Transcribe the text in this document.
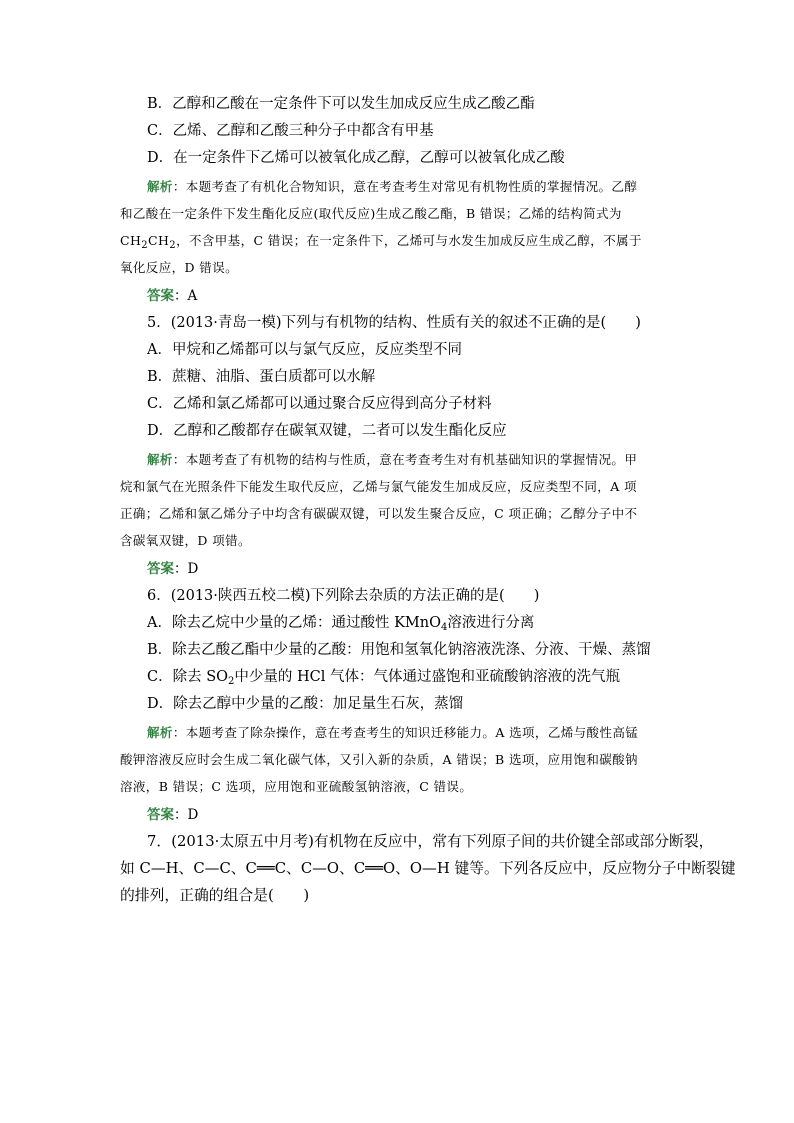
B．乙醇和乙酸在一定条件下可以发生加成反应生成乙酸乙酯
C．乙烯、乙醇和乙酸三种分子中都含有甲基
D．在一定条件下乙烯可以被氧化成乙醇，乙醇可以被氧化成乙酸
解析：本题考查了有机化合物知识，意在考查考生对常见有机物性质的掌握情况。乙醇
和乙酸在一定条件下发生酯化反应(取代反应)生成乙酸乙酯，B 错误；乙烯的结构简式为
$CH_2CH_2$，不含甲基，C 错误；在一定条件下，乙烯可与水发生加成反应生成乙醇，不属于
氧化反应，D 错误。
答案：A
5．(2013·青岛一模)下列与有机物的结构、性质有关的叙述不正确的是(　　)
A．甲烷和乙烯都可以与氯气反应，反应类型不同
B．蔗糖、油脂、蛋白质都可以水解
C．乙烯和氯乙烯都可以通过聚合反应得到高分子材料
D．乙醇和乙酸都存在碳氧双键，二者可以发生酯化反应
解析：本题考查了有机物的结构与性质，意在考查考生对有机基础知识的掌握情况。甲
烷和氯气在光照条件下能发生取代反应，乙烯与氯气能发生加成反应，反应类型不同，A 项
正确；乙烯和氯乙烯分子中均含有碳碳双键，可以发生聚合反应，C 项正确；乙醇分子中不
含碳氧双键，D 项错。
答案：D
6．(2013·陕西五校二模)下列除去杂质的方法正确的是(　　)
A．除去乙烷中少量的乙烯：通过酸性 KMnO$_4$溶液进行分离
B．除去乙酸乙酯中少量的乙酸：用饱和氢氧化钠溶液洗涤、分液、干燥、蒸馏
C．除去 $SO_2$中少量的 HCl 气体：气体通过盛饱和亚硫酸钠溶液的洗气瓶
D．除去乙醇中少量的乙酸：加足量生石灰，蒸馏
解析：本题考查了除杂操作，意在考查考生的知识迁移能力。A 选项，乙烯与酸性高锰
酸钾溶液反应时会生成二氧化碳气体，又引入新的杂质，A 错误；B 选项，应用饱和碳酸钠
溶液，B 错误；C 选项，应用饱和亚硫酸氢钠溶液，C 错误。
答案：D
7．(2013·太原五中月考)有机物在反应中，常有下列原子间的共价键全部或部分断裂，
如 C—H、C—C、C══C、C—O、C══O、O—H 键等。下列各反应中，反应物分子中断裂键
的排列，正确的组合是(　　)
